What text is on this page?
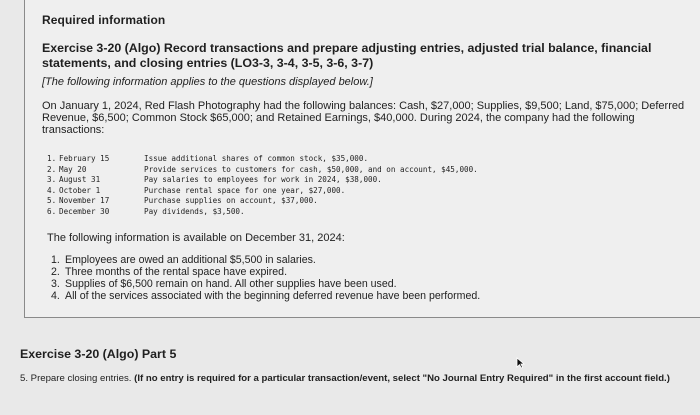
Required information
Exercise 3-20 (Algo) Record transactions and prepare adjusting entries, adjusted trial balance, financial statements, and closing entries (LO3-3, 3-4, 3-5, 3-6, 3-7)
[The following information applies to the questions displayed below.]
On January 1, 2024, Red Flash Photography had the following balances: Cash, $27,000; Supplies, $9,500; Land, $75,000; Deferred Revenue, $6,500; Common Stock $65,000; and Retained Earnings, $40,000. During 2024, the company had the following transactions:
1. February 15	Issue additional shares of common stock, $35,000.
2. May 20	Provide services to customers for cash, $50,000, and on account, $45,000.
3. August 31	Pay salaries to employees for work in 2024, $38,000.
4. October 1	Purchase rental space for one year, $27,000.
5. November 17	Purchase supplies on account, $37,000.
6. December 30	Pay dividends, $3,500.
The following information is available on December 31, 2024:
1. Employees are owed an additional $5,500 in salaries.
2. Three months of the rental space have expired.
3. Supplies of $6,500 remain on hand. All other supplies have been used.
4. All of the services associated with the beginning deferred revenue have been performed.
Exercise 3-20 (Algo) Part 5
5. Prepare closing entries. (If no entry is required for a particular transaction/event, select "No Journal Entry Required" in the first account field.)
